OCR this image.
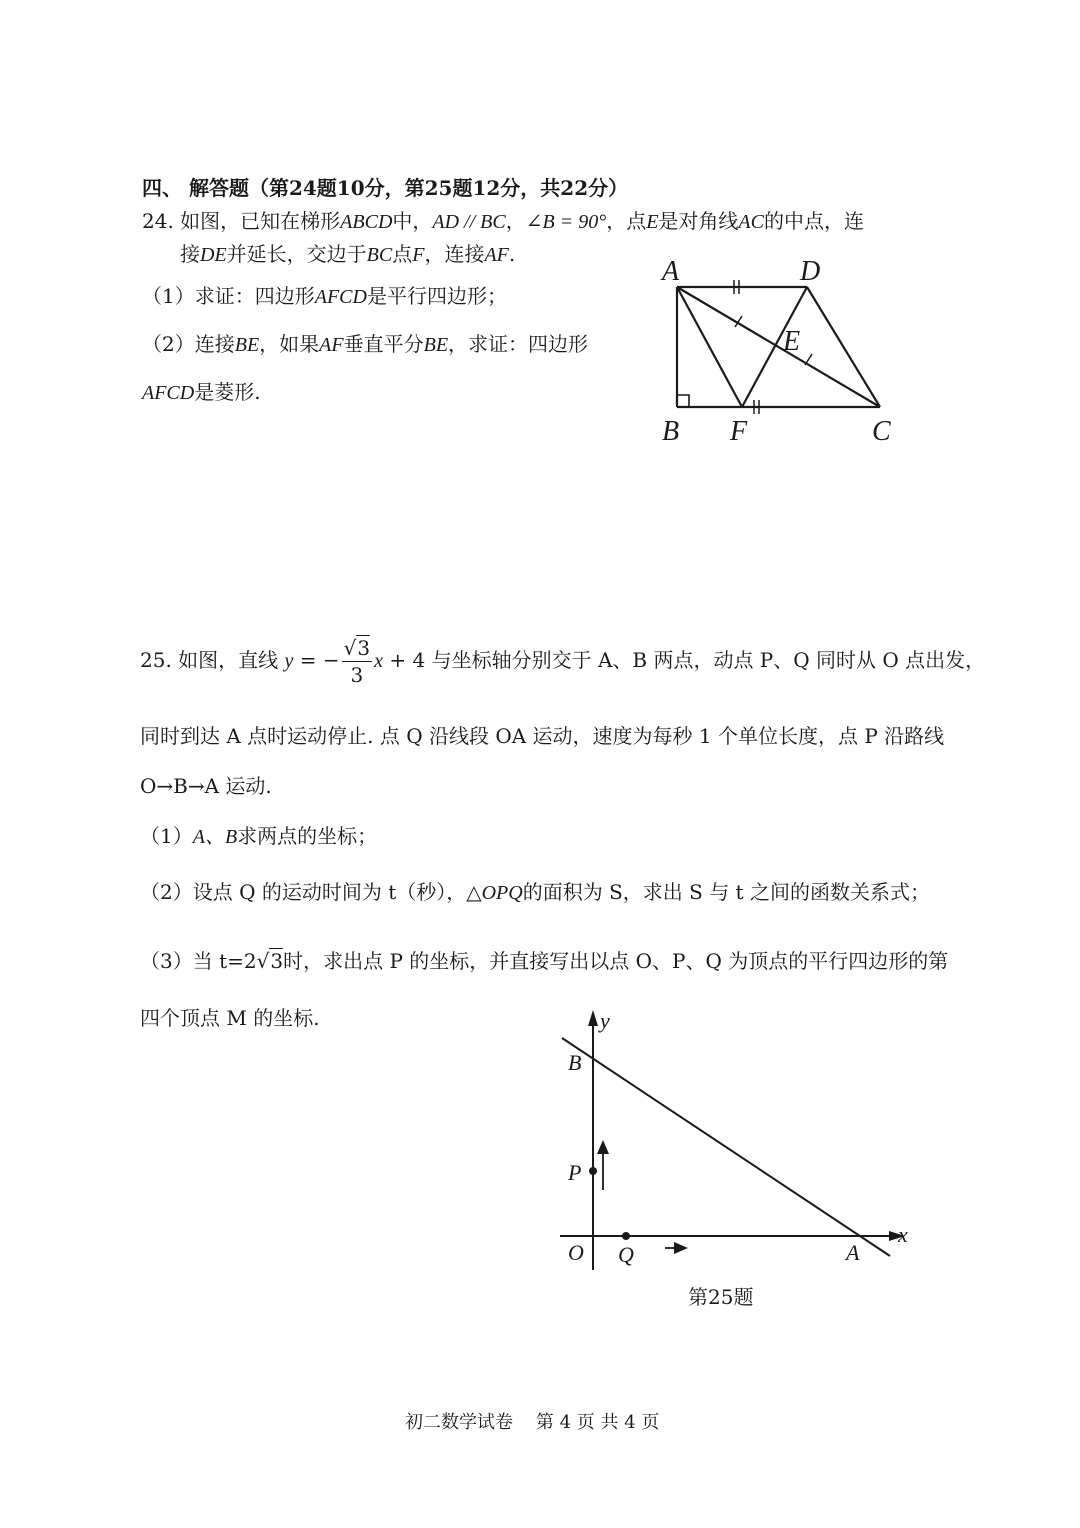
四、 解答题（第24题10分，第25题12分，共22分）
24. 如图，已知在梯形ABCD中，AD // BC，∠B = 90°，点E是对角线AC的中点，连
接DE并延长，交边于BC点F，连接AF.
（1）求证：四边形AFCD是平行四边形；
（2）连接BE，如果AF垂直平分BE，求证：四边形
AFCD是菱形.
A	D
E
B F	C
25. 如图，直线 y = − $\frac{√3}{3}$ x + 4 与坐标轴分别交于 A、B 两点，动点 P、Q 同时从 O 点出发，
同时到达 A 点时运动停止. 点 Q 沿线段 OA 运动，速度为每秒 1 个单位长度，点 P 沿路线
O→B→A 运动.
（1）A、B求两点的坐标；
（2）设点 Q 的运动时间为 t（秒），△OPQ的面积为 S，求出 S 与 t 之间的函数关系式；
（3）当 t=2√3时，求出点 P 的坐标，并直接写出以点 O、P、Q 为顶点的平行四边形的第
四个顶点 M 的坐标.	y
x
B
P
O Q	A
第25题
初二数学试卷    第 4 页 共 4 页
